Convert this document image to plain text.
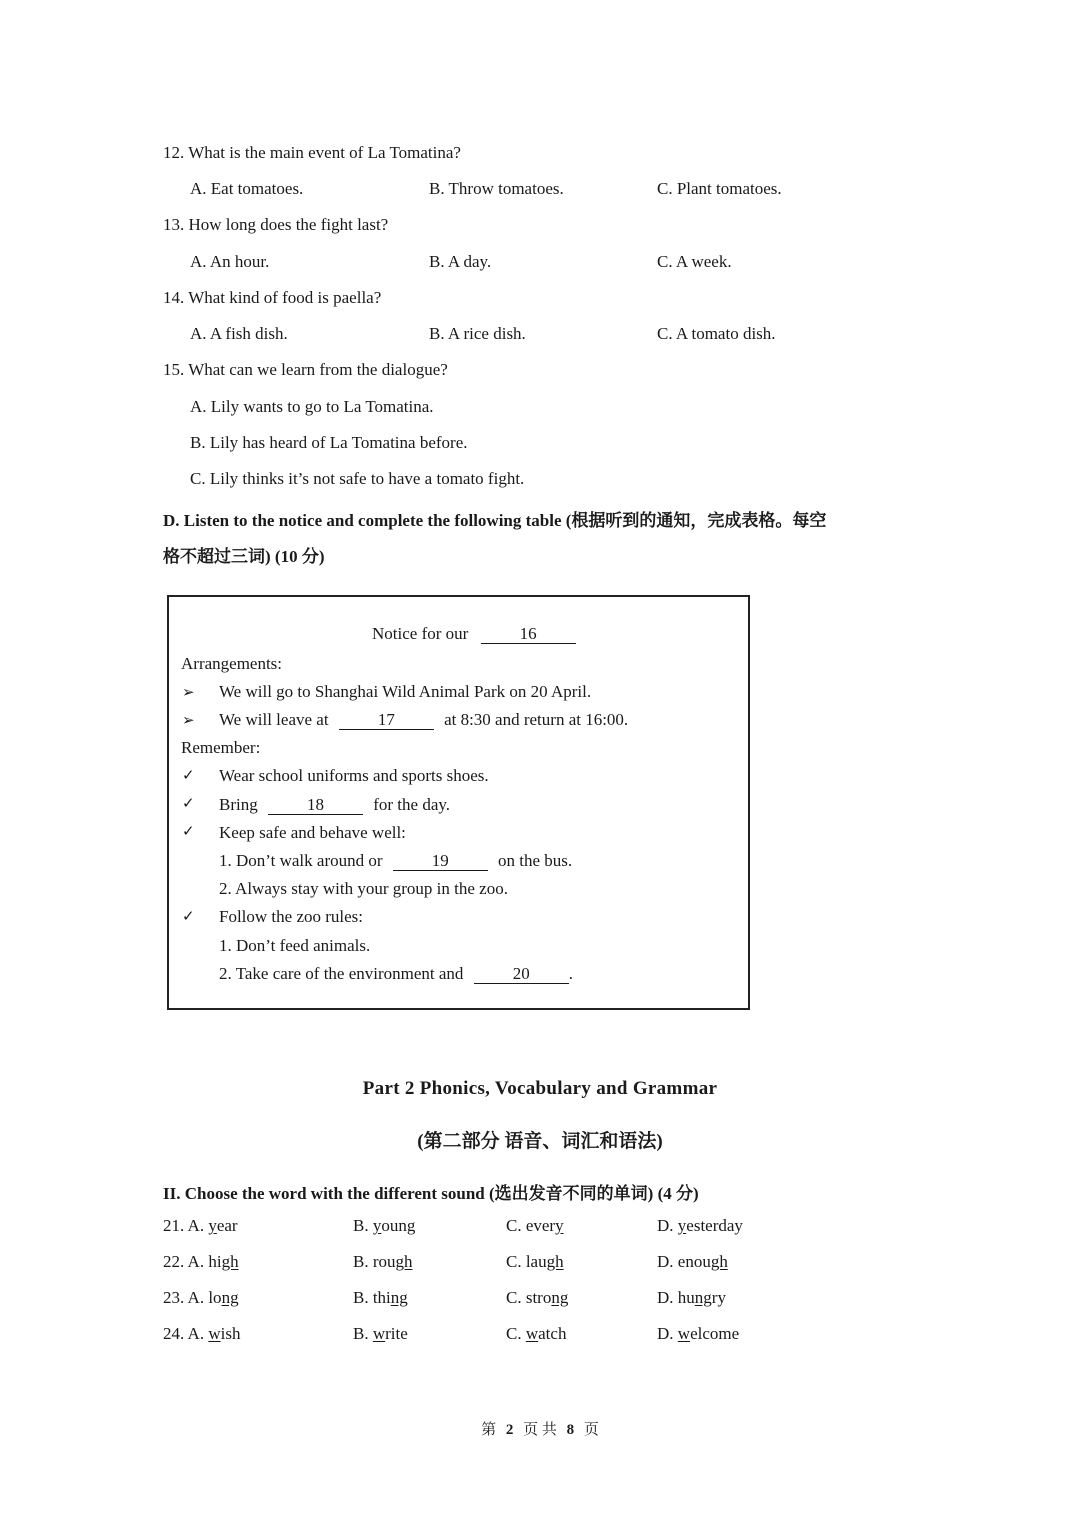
12. What is the main event of La Tomatina?
A. Eat tomatoes.	B. Throw tomatoes.	C. Plant tomatoes.
13. How long does the fight last?
A. An hour.	B. A day.	C. A week.
14. What kind of food is paella?
A. A fish dish.	B. A rice dish.	C. A tomato dish.
15. What can we learn from the dialogue?
A. Lily wants to go to La Tomatina.
B. Lily has heard of La Tomatina before.
C. Lily thinks it’s not safe to have a tomato fight.
D. Listen to the notice and complete the following table (根据听到的通知，完成表格。每空
格不超过三词) (10 分)
Notice for our	16
Arrangements:
➢ We will go to Shanghai Wild Animal Park on 20 April.
➢ We will leave at	17	at 8:30 and return at 16:00.
Remember:
✓ Wear school uniforms and sports shoes.
✓ Bring	18	for the day.
✓ Keep safe and behave well:
1. Don’t walk around or	19	on the bus.
2. Always stay with your group in the zoo.
✓ Follow the zoo rules:
1. Don’t feed animals.
2. Take care of the environment and	20 .
Part 2 Phonics, Vocabulary and Grammar
(第二部分 语音、词汇和语法)
II. Choose the word with the different sound (选出发音不同的单词) (4 分)
21. A. year	B. young	C. every	D. yesterday
22. A. high	B. rough	C. laugh	D. enough
23. A. long	B. thing	C. strong	D. hungry
24. A. wish	B. write	C. watch	D. welcome
第 2 页 共 8 页
